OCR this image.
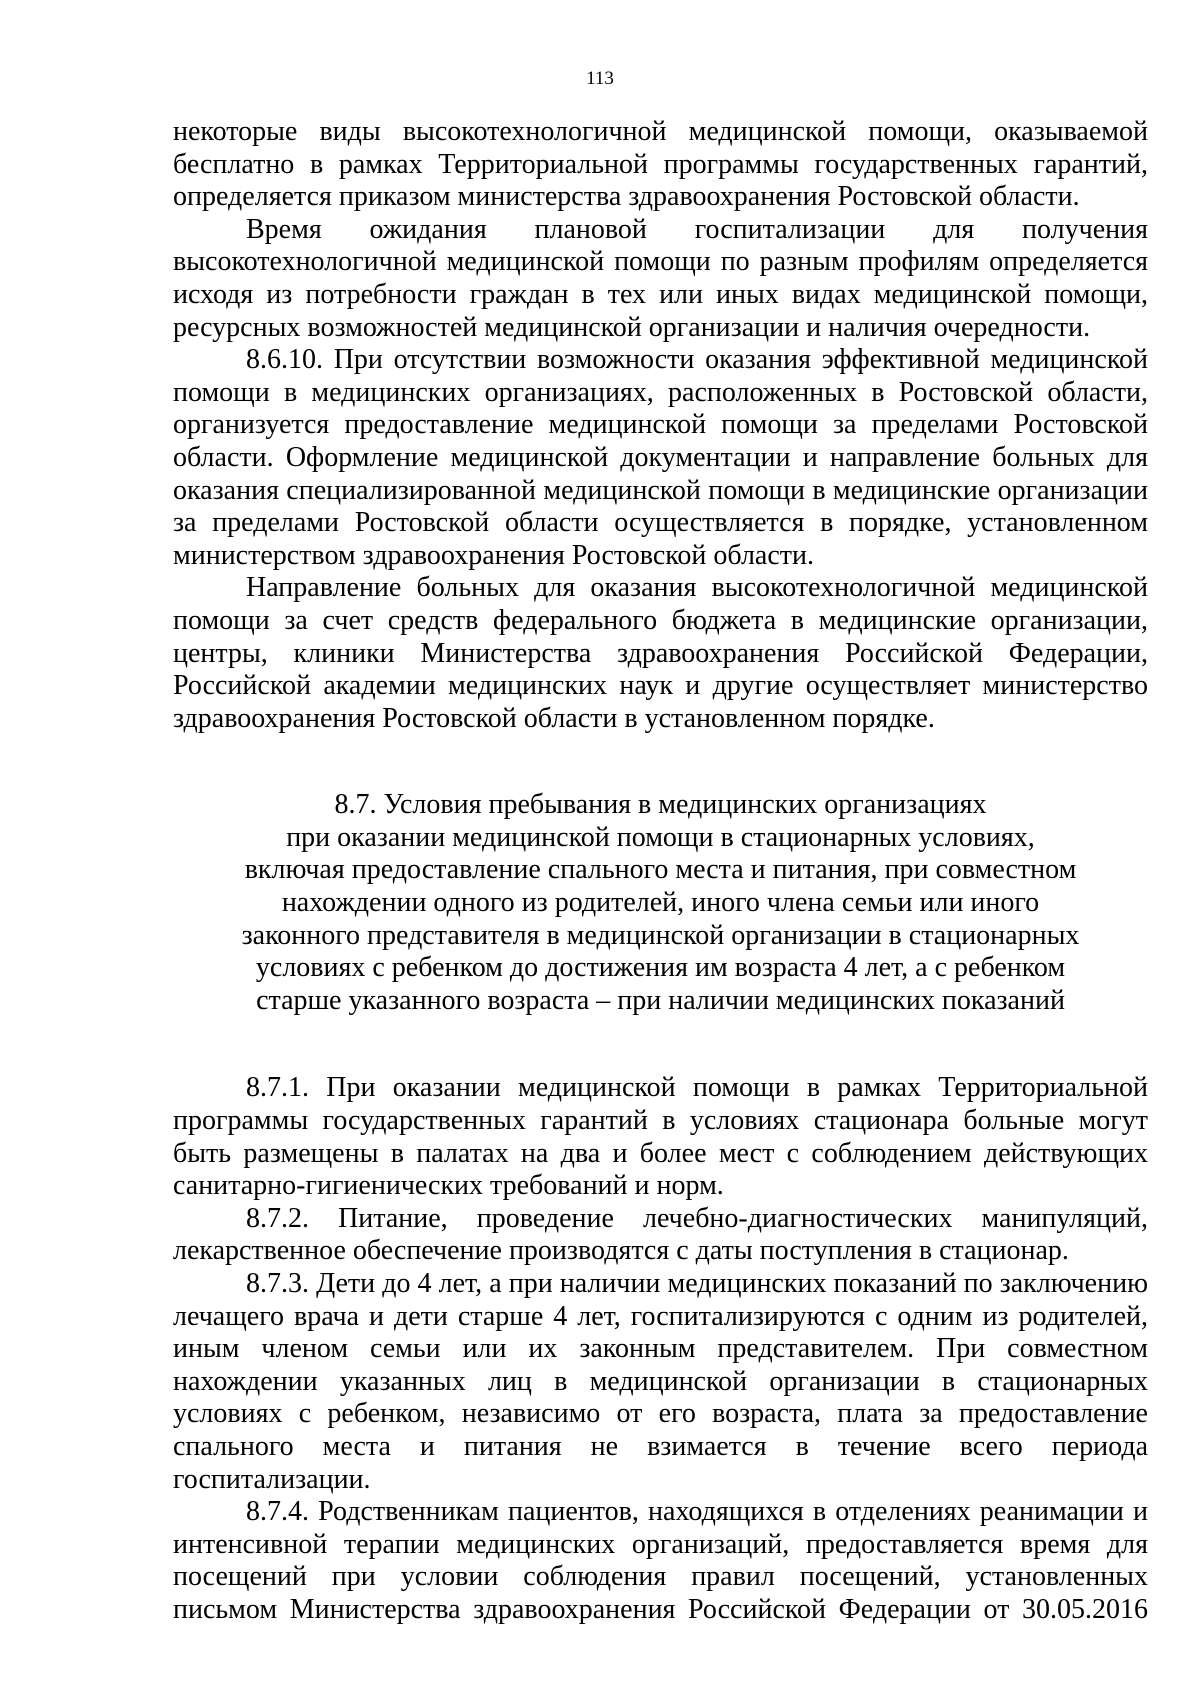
113

некоторые виды высокотехнологичной медицинской помощи, оказываемой бесплатно в рамках Территориальной программы государственных гарантий, определяется приказом министерства здравоохранения Ростовской области.

Время ожидания плановой госпитализации для получения высокотехнологичной медицинской помощи по разным профилям определяется исходя из потребности граждан в тех или иных видах медицинской помощи, ресурсных возможностей медицинской организации и наличия очередности.

8.6.10. При отсутствии возможности оказания эффективной медицинской помощи в медицинских организациях, расположенных в Ростовской области, организуется предоставление медицинской помощи за пределами Ростовской области. Оформление медицинской документации и направление больных для оказания специализированной медицинской помощи в медицинские организации за пределами Ростовской области осуществляется в порядке, установленном министерством здравоохранения Ростовской области.

Направление больных для оказания высокотехнологичной медицинской помощи за счет средств федерального бюджета в медицинские организации, центры, клиники Министерства здравоохранения Российской Федерации, Российской академии медицинских наук и другие осуществляет министерство здравоохранения Ростовской области в установленном порядке.

8.7. Условия пребывания в медицинских организациях
при оказании медицинской помощи в стационарных условиях,
включая предоставление спального места и питания, при совместном
нахождении одного из родителей, иного члена семьи или иного
законного представителя в медицинской организации в стационарных
условиях с ребенком до достижения им возраста 4 лет, а с ребенком
старше указанного возраста – при наличии медицинских показаний

8.7.1. При оказании медицинской помощи в рамках Территориальной программы государственных гарантий в условиях стационара больные могут быть размещены в палатах на два и более мест с соблюдением действующих санитарно-гигиенических требований и норм.

8.7.2. Питание, проведение лечебно-диагностических манипуляций, лекарственное обеспечение производятся с даты поступления в стационар.

8.7.3. Дети до 4 лет, а при наличии медицинских показаний по заключению лечащего врача и дети старше 4 лет, госпитализируются с одним из родителей, иным членом семьи или их законным представителем. При совместном нахождении указанных лиц в медицинской организации в стационарных условиях с ребенком, независимо от его возраста, плата за предоставление спального места и питания не взимается в течение всего периода госпитализации.

8.7.4. Родственникам пациентов, находящихся в отделениях реанимации и интенсивной терапии медицинских организаций, предоставляется время для посещений при условии соблюдения правил посещений, установленных письмом Министерства здравоохранения Российской Федерации от 30.05.2016
